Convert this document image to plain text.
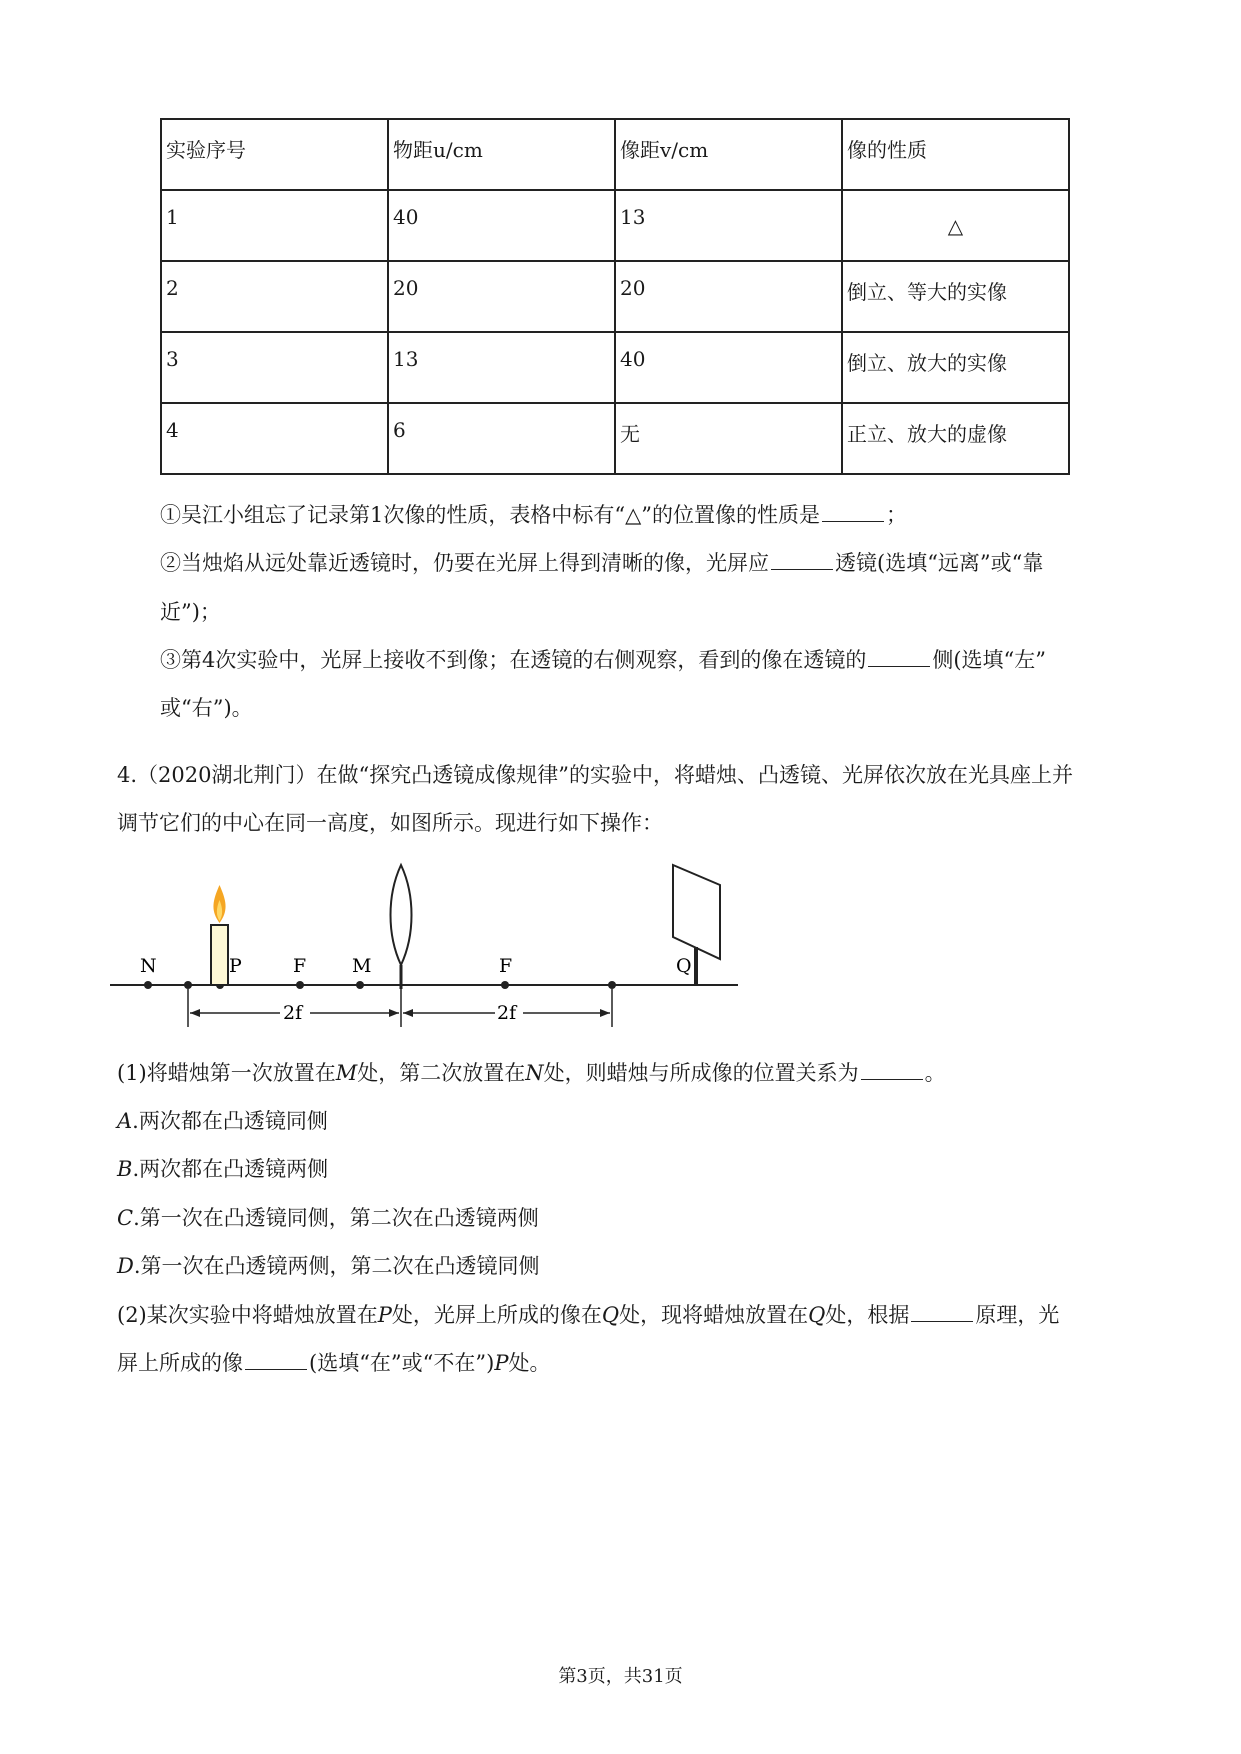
实验序号	物距u/cm	像距v/cm	像的性质
1	40	13	△
2	20	20	倒立、等大的实像
3	13	40	倒立、放大的实像
4	6	无	正立、放大的虚像
①吴江小组忘了记录第1次像的性质，表格中标有“△”的位置像的性质是	；
②当烛焰从远处靠近透镜时，仍要在光屏上得到清晰的像，光屏应	透镜(选填“远离”或“靠
近”)；
③第4次实验中，光屏上接收不到像；在透镜的右侧观察，看到的像在透镜的	侧(选填“左”
或“右”)。
4.（2020湖北荆门）在做“探究凸透镜成像规律”的实验中，将蜡烛、凸透镜、光屏依次放在光具座上并
调节它们的中心在同一高度，如图所示。现进行如下操作：
N	P	F M	F	Q
2f	2f
(1)将蜡烛第一次放置在M处，第二次放置在N处，则蜡烛与所成像的位置关系为	。
A.两次都在凸透镜同侧
B.两次都在凸透镜两侧
C.第一次在凸透镜同侧，第二次在凸透镜两侧
D.第一次在凸透镜两侧，第二次在凸透镜同侧
(2)某次实验中将蜡烛放置在P处，光屏上所成的像在Q处，现将蜡烛放置在Q处，根据	原理，光
屏上所成的像	(选填“在”或“不在”)P处。
第3页，共31页
